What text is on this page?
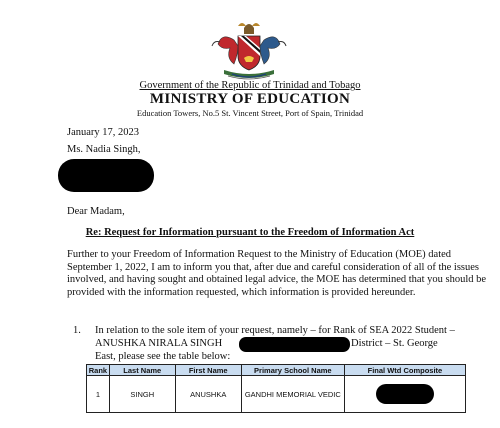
Government of the Republic of Trinidad and Tobago
MINISTRY OF EDUCATION
Education Towers, No.5 St. Vincent Street, Port of Spain, Trinidad
January 17, 2023
Ms. Nadia Singh,
Dear Madam,
Re: Request for Information pursuant to the Freedom of Information Act
Further to your Freedom of Information Request to the Ministry of Education (MOE) dated
September 1, 2022, I am to inform you that, after due and careful consideration of all of the issues
involved, and having sought and obtained legal advice, the MOE has determined that you should be
provided with the information requested, which information is provided hereunder.
1. In relation to the sole item of your request, namely – for Rank of SEA 2022 Student –
ANUSHKA NIRALA SINGH	District – St. George
East, please see the table below:
Rank	Last Name	First Name	Primary School Name	Final Wtd Composite
1	SINGH	ANUSHKA	GANDHI MEMORIAL VEDIC	
